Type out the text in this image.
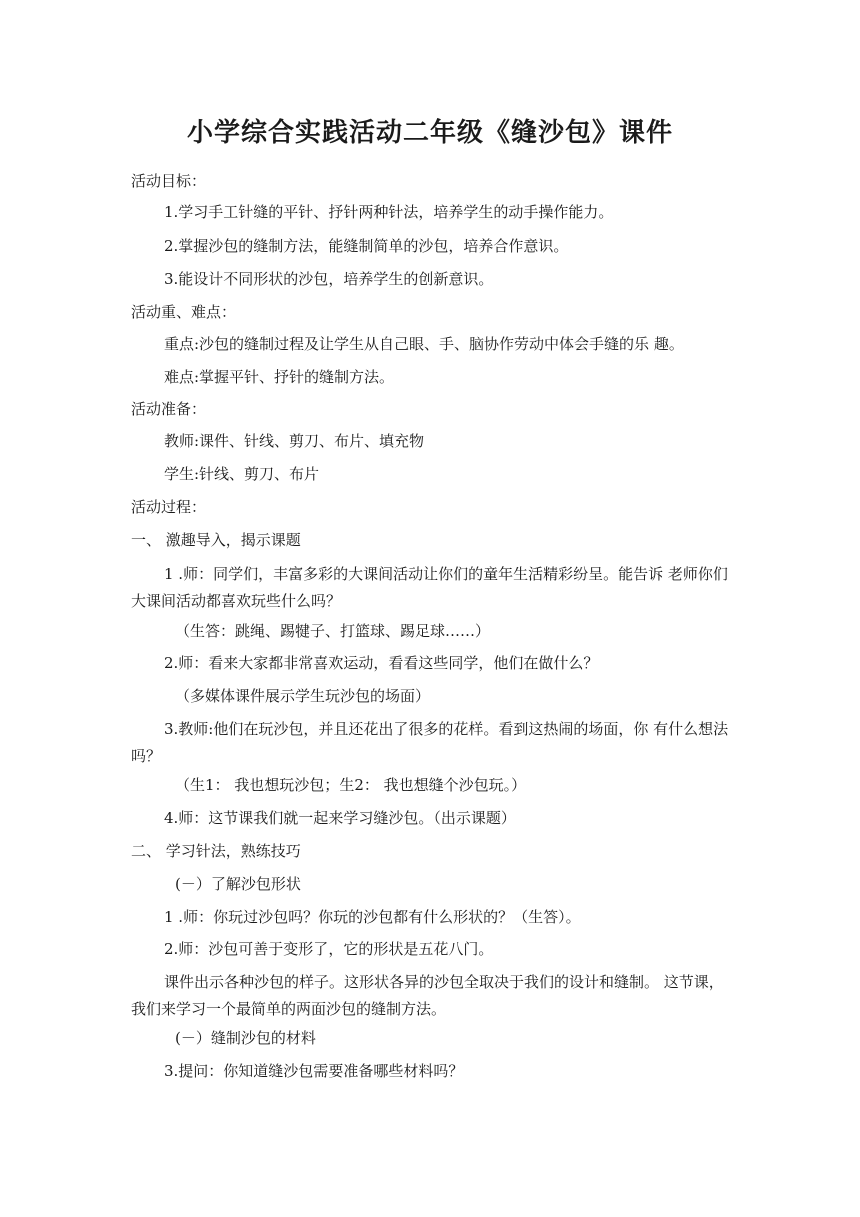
小学综合实践活动二年级《缝沙包》课件
活动目标：
1.学习手工针缝的平针、抒针两种针法，培养学生的动手操作能力。
2.掌握沙包的缝制方法，能缝制简单的沙包，培养合作意识。
3.能设计不同形状的沙包，培养学生的创新意识。
活动重、难点：
重点:沙包的缝制过程及让学生从自己眼、手、脑协作劳动中体会手缝的乐 趣。
难点:掌握平针、抒针的缝制方法。
活动准备：
教师:课件、针线、剪刀、布片、填充物
学生:针线、剪刀、布片
活动过程：
一、 激趣导入，揭示课题
1 .师：同学们，丰富多彩的大课间活动让你们的童年生活精彩纷呈。能告诉 老师你们大课间活动都喜欢玩些什么吗？
（生答：跳绳、踢犍子、打篮球、踢足球……）
2.师：看来大家都非常喜欢运动，看看这些同学，他们在做什么？
（多媒体课件展示学生玩沙包的场面）
3.教师:他们在玩沙包，并且还花出了很多的花样。看到这热闹的场面，你 有什么想法吗？
（生1： 我也想玩沙包；生2： 我也想缝个沙包玩。）
4.师：这节课我们就一起来学习缝沙包。（出示课题）
二、 学习针法，熟练技巧
(－）了解沙包形状
1 .师：你玩过沙包吗？你玩的沙包都有什么形状的？（生答）。
2.师：沙包可善于变形了，它的形状是五花八门。
课件出示各种沙包的样子。这形状各异的沙包全取决于我们的设计和缝制。 这节课，我们来学习一个最简单的两面沙包的缝制方法。
(－）缝制沙包的材料
3.提问：你知道缝沙包需要准备哪些材料吗？
